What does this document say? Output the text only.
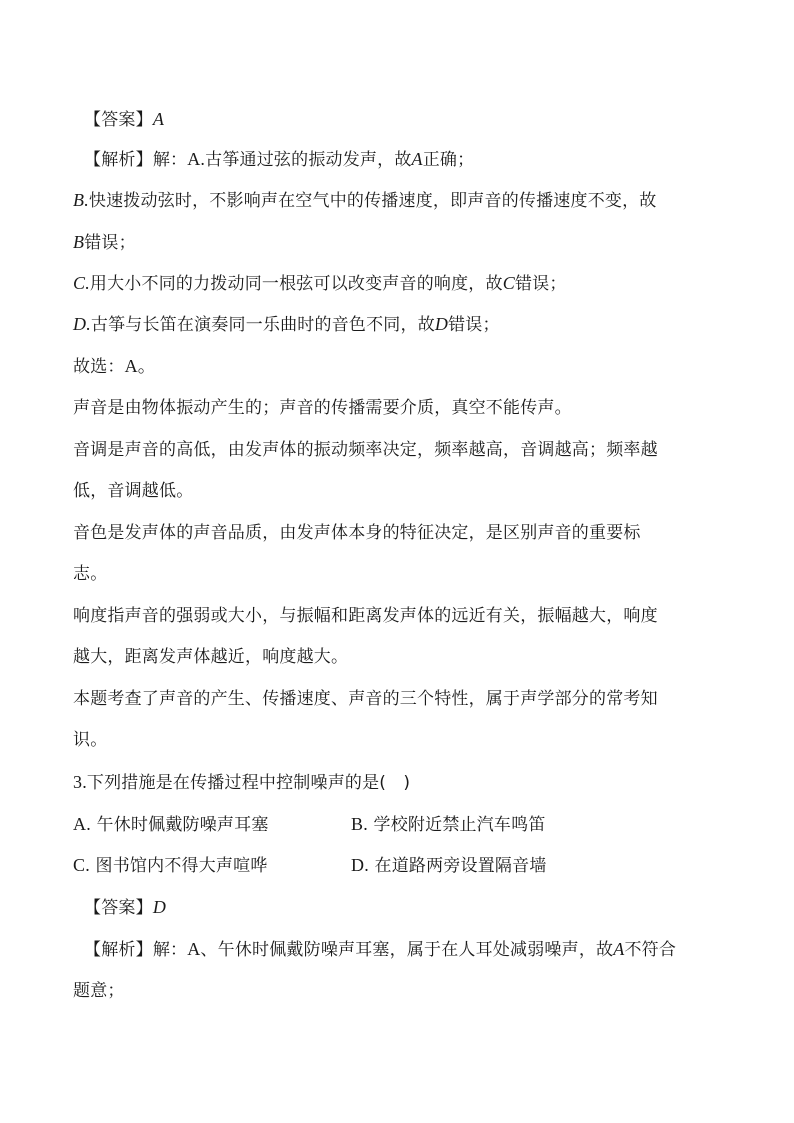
【答案】A
【解析】解：A.古筝通过弦的振动发声，故A正确；
B.快速拨动弦时，不影响声在空气中的传播速度，即声音的传播速度不变，故
B错误；
C.用大小不同的力拨动同一根弦可以改变声音的响度，故C错误；
D.古筝与长笛在演奏同一乐曲时的音色不同，故D错误；
故选：A。
声音是由物体振动产生的；声音的传播需要介质，真空不能传声。
音调是声音的高低，由发声体的振动频率决定，频率越高，音调越高；频率越
低，音调越低。
音色是发声体的声音品质，由发声体本身的特征决定，是区别声音的重要标
志。
响度指声音的强弱或大小，与振幅和距离发声体的远近有关，振幅越大，响度
越大，距离发声体越近，响度越大。
本题考查了声音的产生、传播速度、声音的三个特性，属于声学部分的常考知
识。
3.下列措施是在传播过程中控制噪声的是(　)
A. 午休时佩戴防噪声耳塞	B. 学校附近禁止汽车鸣笛
C. 图书馆内不得大声喧哗	D. 在道路两旁设置隔音墙
【答案】D
【解析】解：A、午休时佩戴防噪声耳塞，属于在人耳处减弱噪声，故A不符合
题意；
